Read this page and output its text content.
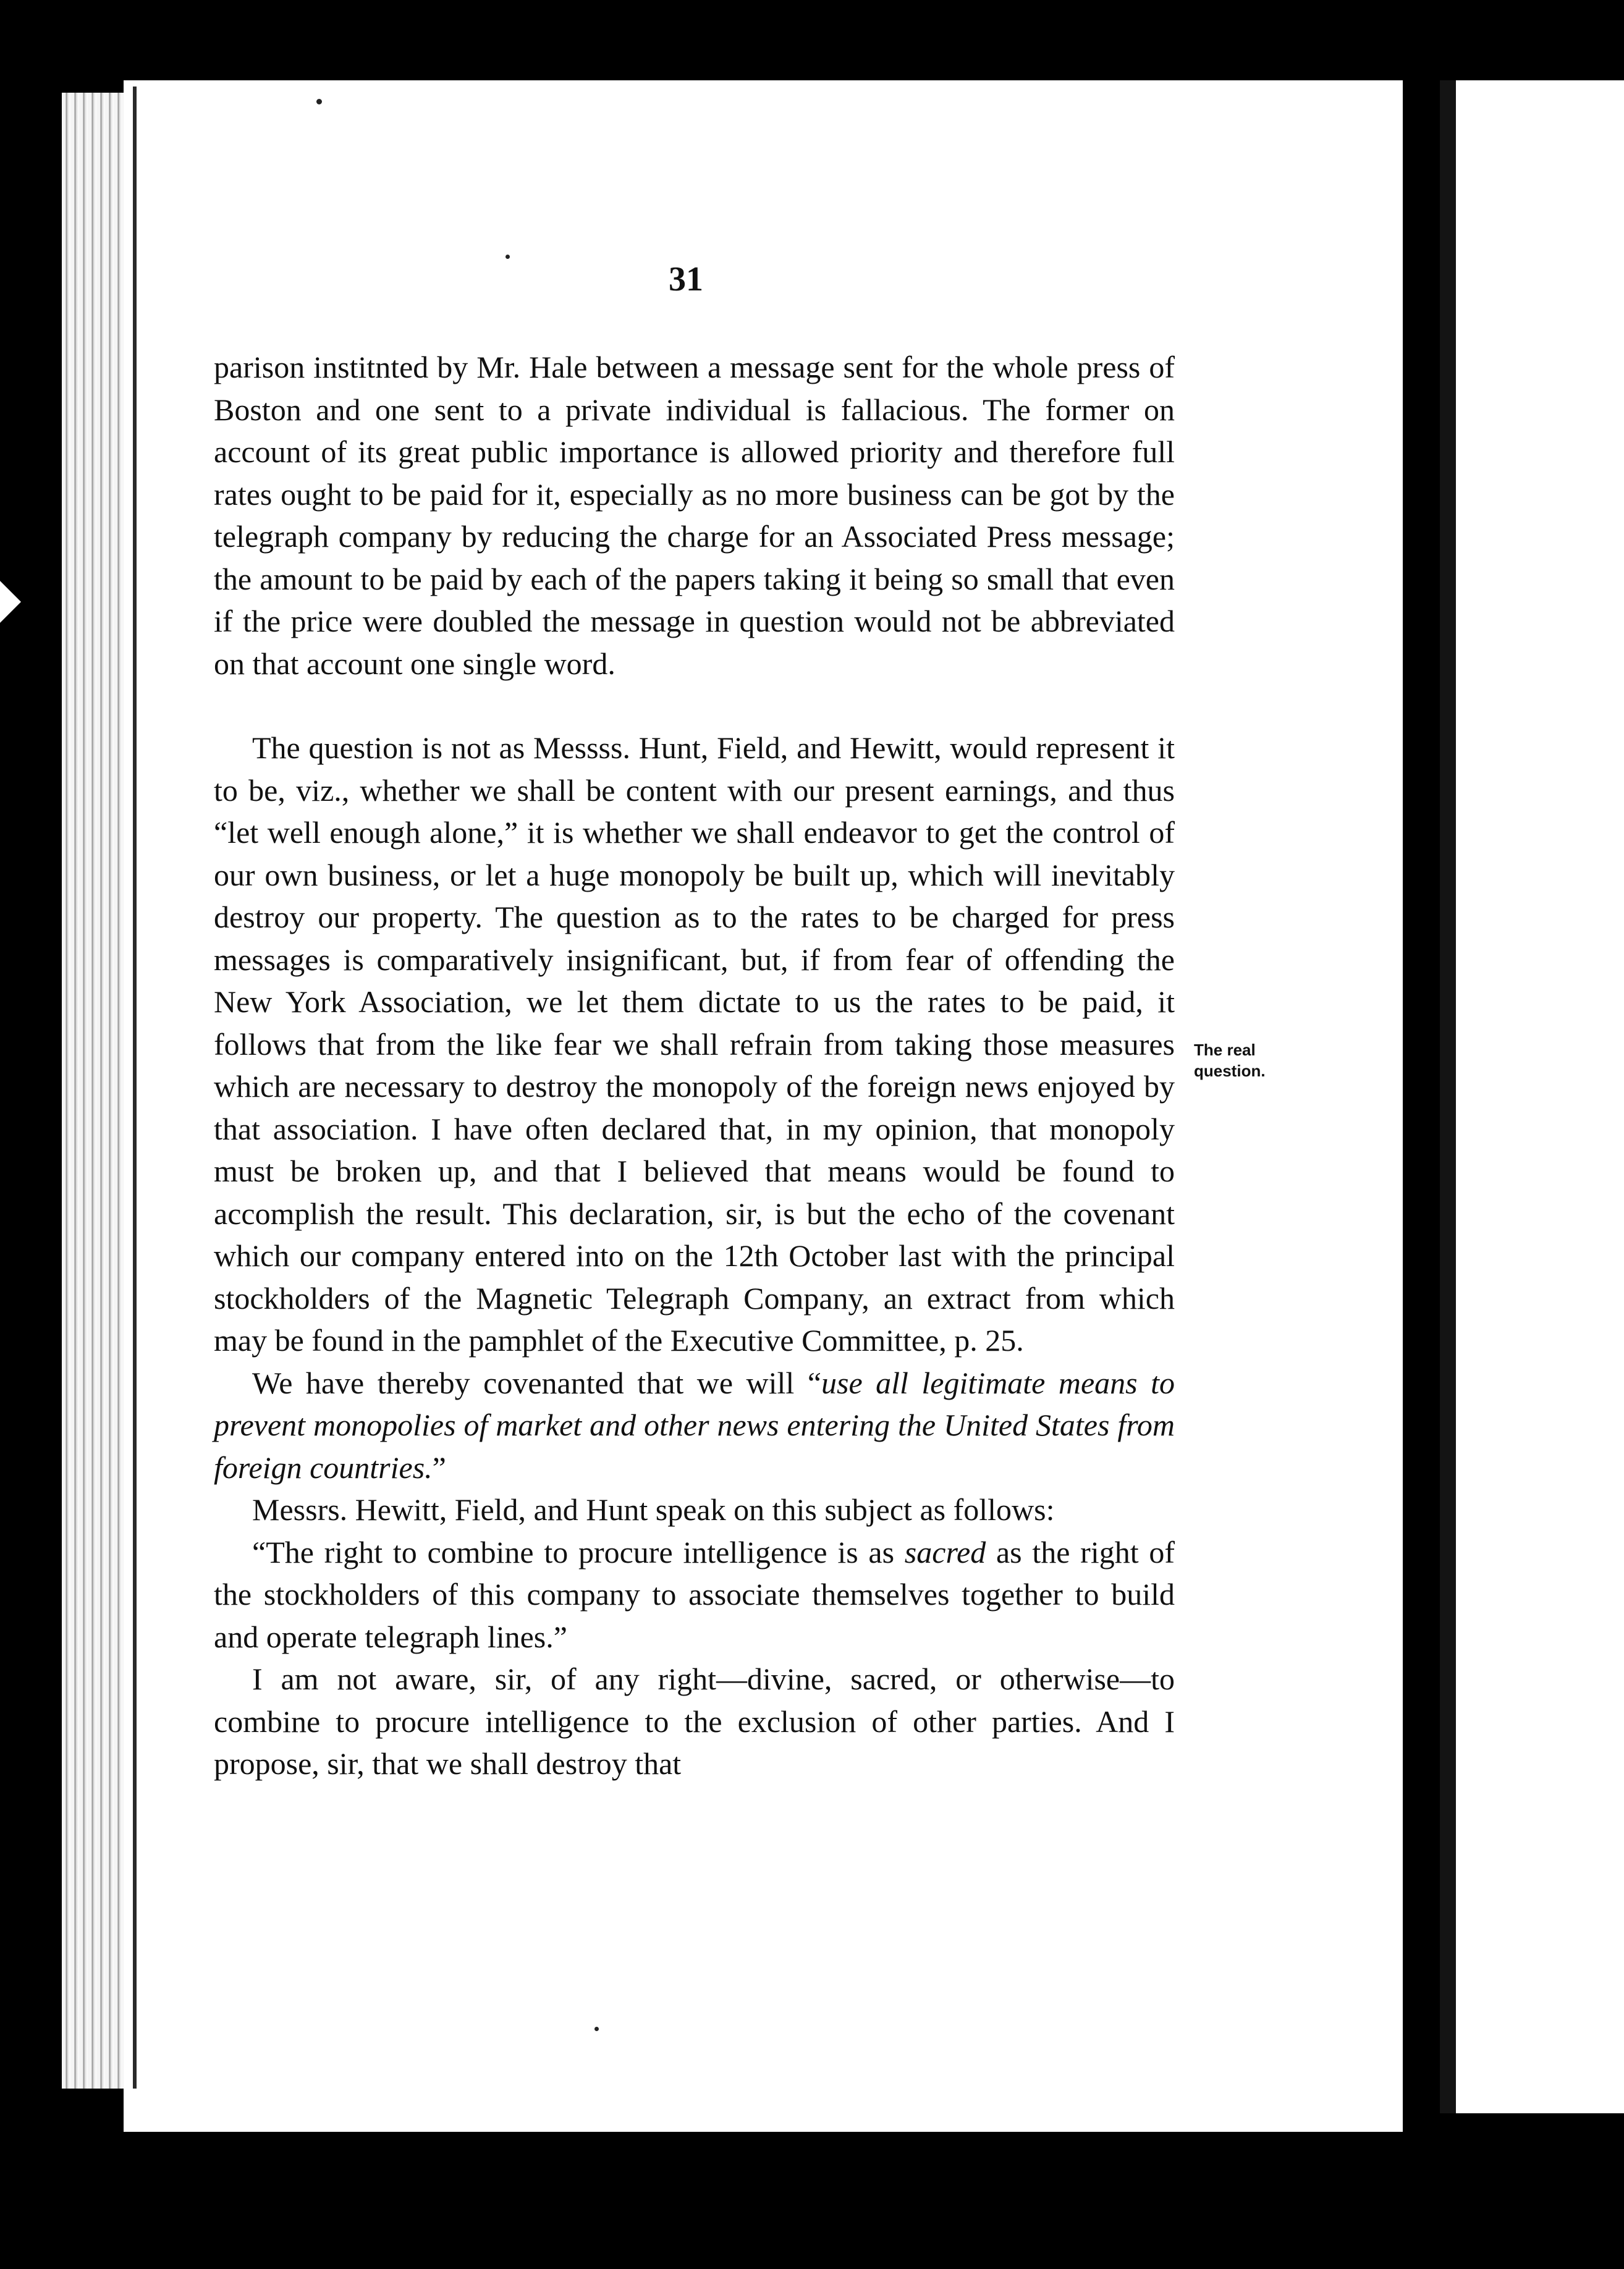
31

parison institnted by Mr. Hale between a message sent for the whole press of Boston and one sent to a private individual is fallacious. The former on account of its great public importance is allowed priority and therefore full rates ought to be paid for it, especially as no more business can be got by the telegraph company by reducing the charge for an Associated Press message; the amount to be paid by each of the papers taking it being so small that even if the price were doubled the message in question would not be abbreviated on that account one single word.

The question is not as Messss. Hunt, Field, and Hewitt, would represent it to be, viz., whether we shall be content with our present earnings, and thus “let well enough alone,” it is whether we shall endeavor to get the control of our own business, or let a huge monopoly be built up, which will inevitably destroy our property. The question as to the rates to be charged for press messages is comparatively insignificant, but, if from fear of offending the New York Association, we let them dictate to us the rates to be paid, it follows that from the like fear we shall refrain from taking those measures which are necessary to destroy the monopoly of the foreign news enjoyed by that association. I have often declared that, in my opinion, that monopoly must be broken up, and that I believed that means would be found to accomplish the result. This declaration, sir, is but the echo of the covenant which our company entered into on the 12th October last with the principal stockholders of the Magnetic Telegraph Company, an extract from which may be found in the pamphlet of the Executive Committee, p. 25.

We have thereby covenanted that we will “use all legitimate means to prevent monopolies of market and other news entering the United States from foreign countries.”

Messrs. Hewitt, Field, and Hunt speak on this subject as follows:

“The right to combine to procure intelligence is as sacred as the right of the stockholders of this company to associate themselves together to build and operate telegraph lines.”

I am not aware, sir, of any right—divine, sacred, or otherwise—to combine to procure intelligence to the exclusion of other parties. And I propose, sir, that we shall destroy that

The real question.
